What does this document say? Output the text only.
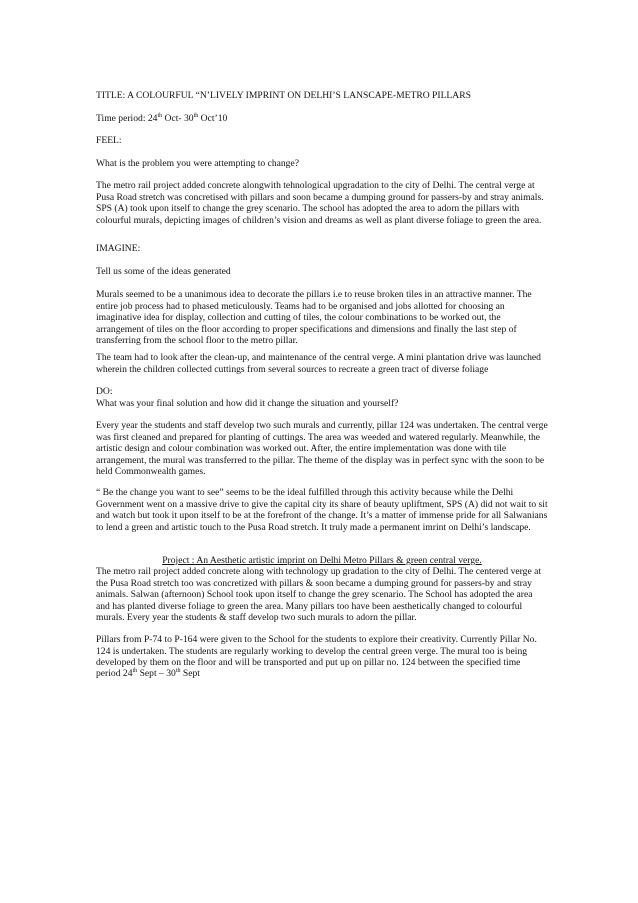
TITLE: A COLOURFUL “N’LIVELY IMPRINT ON DELHI’S LANSCAPE-METRO PILLARS

Time period: 24th Oct- 30th Oct’10

FEEL:

What is the problem you were attempting to change?

The metro rail project added concrete alongwith tehnological upgradation to the city of Delhi. The central verge at Pusa Road stretch was concretised with pillars and soon became a dumping ground for passers-by and stray animals. SPS (A) took upon itself to change the grey scenario. The school has adopted the area to adorn the pillars with colourful murals, depicting images of children’s vision and dreams as well as plant diverse foliage to green the area.

IMAGINE:

Tell us some of the ideas generated

Murals seemed to be a unanimous idea to decorate the pillars i.e to reuse broken tiles in an attractive manner. The entire job process had to phased meticulously. Teams had to be organised and jobs allotted for choosing an imaginative idea for display, collection and cutting of tiles, the colour combinations to be worked out, the arrangement of tiles on the floor according to proper specifications and dimensions and finally the last step of transferring from the school floor to the metro pillar.

The team had to look after the clean-up, and maintenance of the central verge. A mini plantation drive was launched wherein the children collected cuttings from several sources to recreate a green tract of diverse foliage

DO:

What was your final solution and how did it change the situation and yourself?

Every year the students and staff develop two such murals and currently, pillar 124 was undertaken. The central verge was first cleaned and prepared for planting of cuttings. The area was weeded and watered regularly. Meanwhile, the artistic design and colour combination was worked out. After, the entire implementation was done with tile arrangement, the mural was transferred to the pillar. The theme of the display was in perfect sync with the soon to be held Commonwealth games.

“ Be the change you want to see” seems to be the ideal fulfilled through this activity because while the Delhi Government went on a massive drive to give the capital city its share of beauty upliftment, SPS (A) did not wait to sit and watch but took it upon itself to be at the forefront of the change. It’s a matter of immense pride for all Salwanians to lend a green and artistic touch to the Pusa Road stretch. It truly made a permanent imrint on Delhi’s landscape.

Project : An Aesthetic artistic imprint on Delhi Metro Pillars & green central verge.

The metro rail project added concrete along with technology up gradation to the city of Delhi. The centered verge at the Pusa Road stretch too was concretized with pillars & soon became a dumping ground for passers-by and stray animals. Salwan (afternoon) School took upon itself to change the grey scenario. The School has adopted the area and has planted diverse foliage to green the area. Many pillars too have been aesthetically changed to colourful murals. Every year the students & staff develop two such murals to adorn the pillar.

Pillars from P-74 to P-164 were given to the School for the students to explore their creativity. Currently Pillar No. 124 is undertaken. The students are regularly working to develop the central green verge. The mural too is being developed by them on the floor and will be transported and put up on pillar no. 124 between the specified time

period 24th Sept – 30th Sept
